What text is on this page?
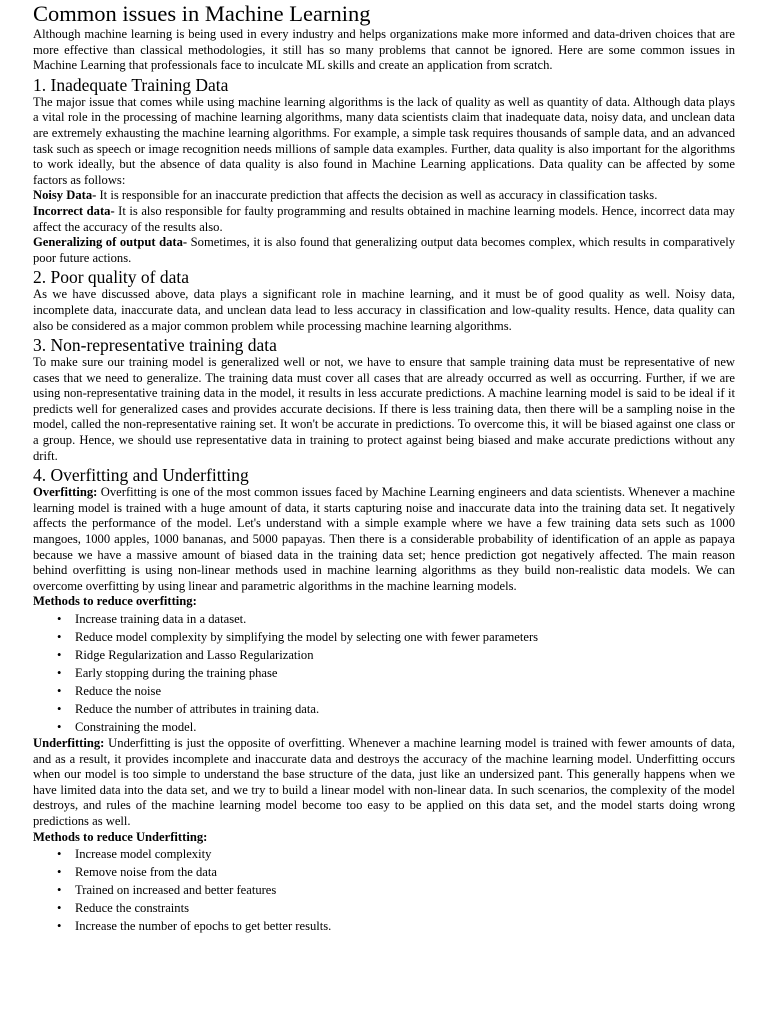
Common issues in Machine Learning

Although machine learning is being used in every industry and helps organizations make more informed and data-driven choices that are more effective than classical methodologies, it still has so many problems that cannot be ignored. Here are some common issues in Machine Learning that professionals face to inculcate ML skills and create an application from scratch.

1. Inadequate Training Data

The major issue that comes while using machine learning algorithms is the lack of quality as well as quantity of data. Although data plays a vital role in the processing of machine learning algorithms, many data scientists claim that inadequate data, noisy data, and unclean data are extremely exhausting the machine learning algorithms. For example, a simple task requires thousands of sample data, and an advanced task such as speech or image recognition needs millions of sample data examples. Further, data quality is also important for the algorithms to work ideally, but the absence of data quality is also found in Machine Learning applications. Data quality can be affected by some factors as follows:

Noisy Data- It is responsible for an inaccurate prediction that affects the decision as well as accuracy in classification tasks.

Incorrect data- It is also responsible for faulty programming and results obtained in machine learning models. Hence, incorrect data may affect the accuracy of the results also.

Generalizing of output data- Sometimes, it is also found that generalizing output data becomes complex, which results in comparatively poor future actions.

2. Poor quality of data

As we have discussed above, data plays a significant role in machine learning, and it must be of good quality as well. Noisy data, incomplete data, inaccurate data, and unclean data lead to less accuracy in classification and low-quality results. Hence, data quality can also be considered as a major common problem while processing machine learning algorithms.

3. Non-representative training data

To make sure our training model is generalized well or not, we have to ensure that sample training data must be representative of new cases that we need to generalize. The training data must cover all cases that are already occurred as well as occurring. Further, if we are using non-representative training data in the model, it results in less accurate predictions. A machine learning model is said to be ideal if it predicts well for generalized cases and provides accurate decisions. If there is less training data, then there will be a sampling noise in the model, called the non-representative raining set. It won't be accurate in predictions. To overcome this, it will be biased against one class or a group. Hence, we should use representative data in training to protect against being biased and make accurate predictions without any drift.

4. Overfitting and Underfitting

Overfitting: Overfitting is one of the most common issues faced by Machine Learning engineers and data scientists. Whenever a machine learning model is trained with a huge amount of data, it starts capturing noise and inaccurate data into the training data set. It negatively affects the performance of the model. Let's understand with a simple example where we have a few training data sets such as 1000 mangoes, 1000 apples, 1000 bananas, and 5000 papayas. Then there is a considerable probability of identification of an apple as papaya because we have a massive amount of biased data in the training data set; hence prediction got negatively affected. The main reason behind overfitting is using non-linear methods used in machine learning algorithms as they build non-realistic data models. We can overcome overfitting by using linear and parametric algorithms in the machine learning models.

Methods to reduce overfitting:
• Increase training data in a dataset.
• Reduce model complexity by simplifying the model by selecting one with fewer parameters
• Ridge Regularization and Lasso Regularization
• Early stopping during the training phase
• Reduce the noise
• Reduce the number of attributes in training data.
• Constraining the model.

Underfitting: Underfitting is just the opposite of overfitting. Whenever a machine learning model is trained with fewer amounts of data, and as a result, it provides incomplete and inaccurate data and destroys the accuracy of the machine learning model. Underfitting occurs when our model is too simple to understand the base structure of the data, just like an undersized pant. This generally happens when we have limited data into the data set, and we try to build a linear model with non-linear data. In such scenarios, the complexity of the model destroys, and rules of the machine learning model become too easy to be applied on this data set, and the model starts doing wrong predictions as well.

Methods to reduce Underfitting:
• Increase model complexity
• Remove noise from the data
• Trained on increased and better features
• Reduce the constraints
• Increase the number of epochs to get better results.
